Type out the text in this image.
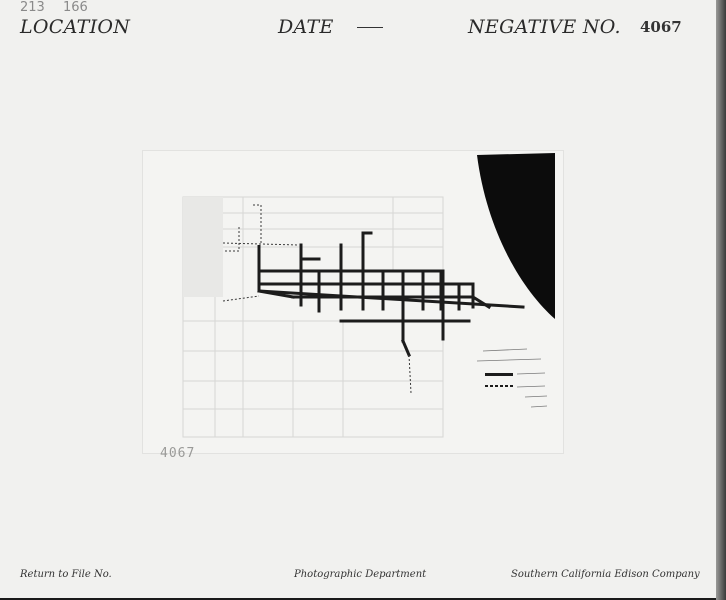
213 166
LOCATION	DATE	NEGATIVE NO. 4067
4067
Return to File No.	Photographic Department	Southern California Edison Company
